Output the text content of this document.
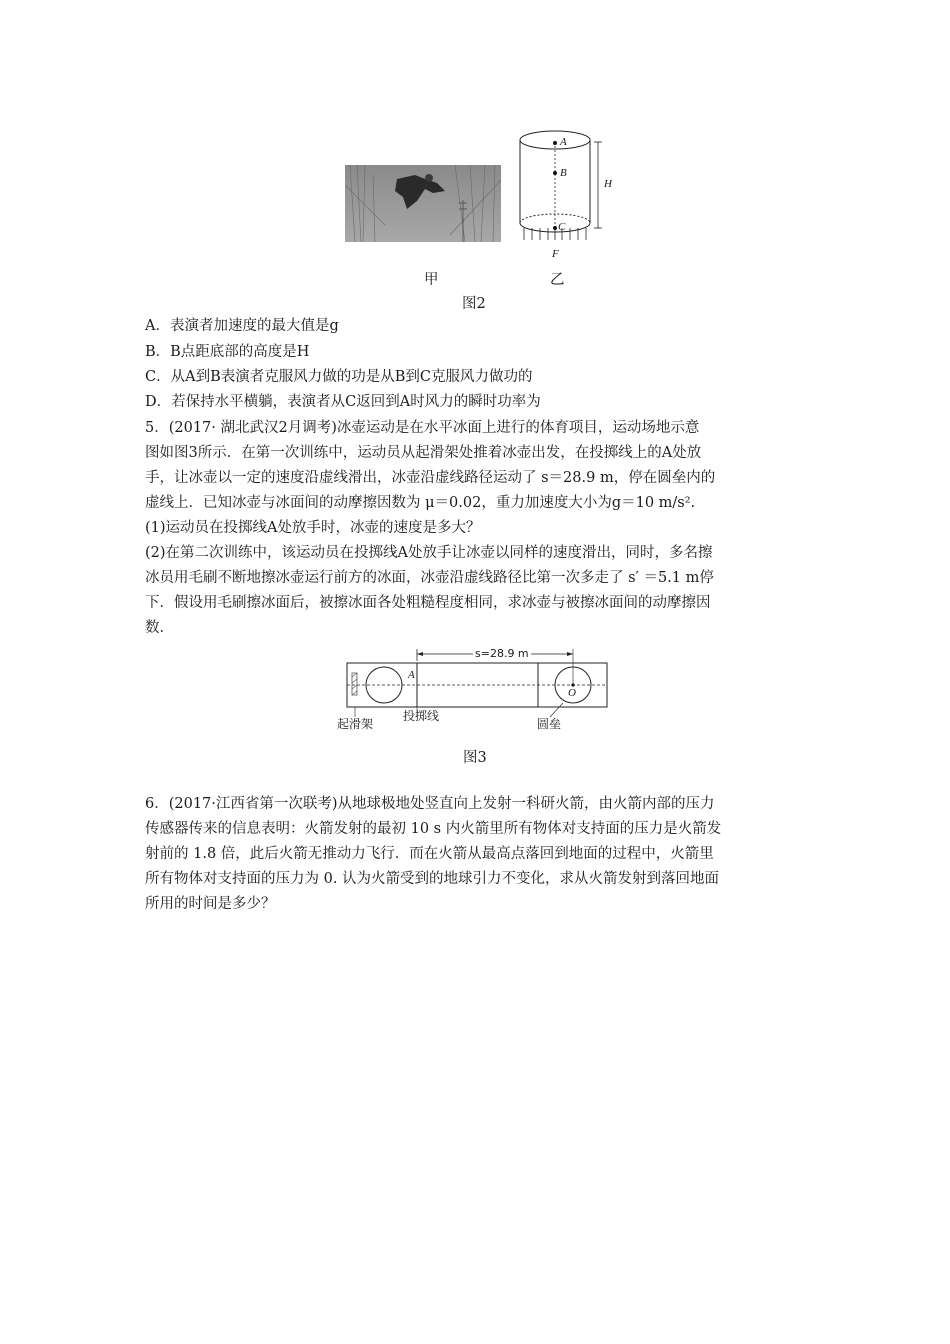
A
B
C
H
F
甲	乙
图2
A．表演者加速度的最大值是g
B．B点距底部的高度是H
C．从A到B表演者克服风力做的功是从B到C克服风力做功的
D．若保持水平横躺，表演者从C返回到A时风力的瞬时功率为
5．(2017· 湖北武汉2月调考)冰壶运动是在水平冰面上进行的体育项目，运动场地示意
图如图3所示．在第一次训练中，运动员从起滑架处推着冰壶出发，在投掷线上的A处放
手，让冰壶以一定的速度沿虚线滑出，冰壶沿虚线路径运动了 s＝28.9 m，停在圆垒内的
虚线上．已知冰壶与冰面间的动摩擦因数为 μ＝0.02，重力加速度大小为g＝10 m/s².
(1)运动员在投掷线A处放手时，冰壶的速度是多大？
(2)在第二次训练中，该运动员在投掷线A处放手让冰壶以同样的速度滑出，同时，多名擦
冰员用毛刷不断地擦冰壶运行前方的冰面，冰壶沿虚线路径比第一次多走了 s′ ＝5.1 m停
下．假设用毛刷擦冰面后，被擦冰面各处粗糙程度相同，求冰壶与被擦冰面间的动摩擦因
数．
s=28.9 m
A
O
起滑架
投掷线
圆垒
图3
6．(2017·江西省第一次联考)从地球极地处竖直向上发射一科研火箭，由火箭内部的压力
传感器传来的信息表明：火箭发射的最初 10 s 内火箭里所有物体对支持面的压力是火箭发
射前的 1.8 倍，此后火箭无推动力飞行．而在火箭从最高点落回到地面的过程中，火箭里
所有物体对支持面的压力为 0. 认为火箭受到的地球引力不变化，求从火箭发射到落回地面
所用的时间是多少？
